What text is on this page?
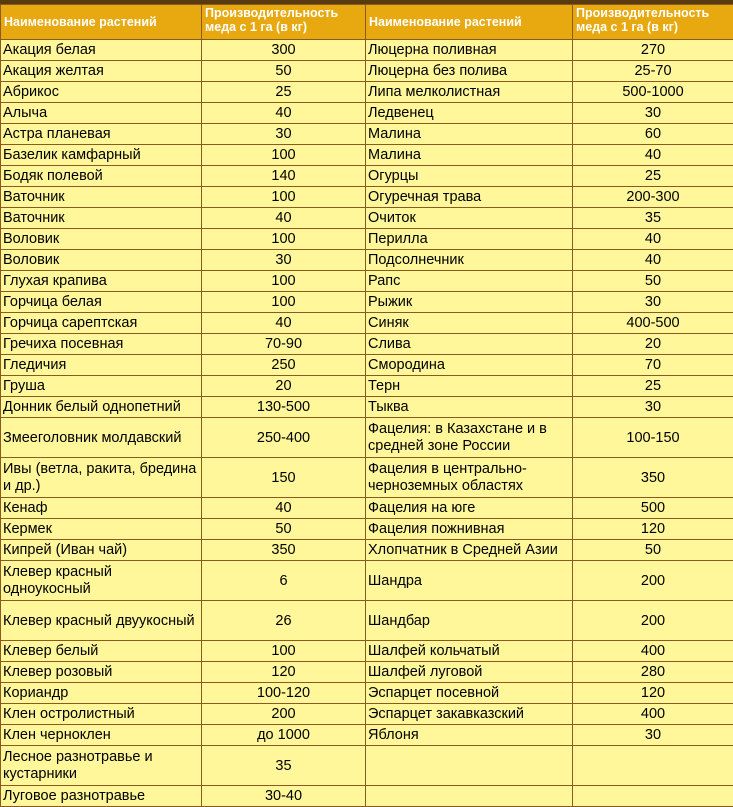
Наименование растений	Производительность меда с 1 га (в кг)	Наименование растений	Производительность меда с 1 га (в кг)
Акация белая	300	Люцерна поливная	270
Акация желтая	50	Люцерна без полива	25-70
Абрикос	25	Липа мелколистная	500-1000
Алыча	40	Ледвенец	30
Астра планевая	30	Малина	60
Базелик камфарный	100	Малина	40
Бодяк полевой	140	Огурцы	25
Ваточник	100	Огуречная трава	200-300
Ваточник	40	Очиток	35
Воловик	100	Перилла	40
Воловик	30	Подсолнечник	40
Глухая крапива	100	Рапс	50
Горчица белая	100	Рыжик	30
Горчица сарептская	40	Синяк	400-500
Гречиха посевная	70-90	Слива	20
Гледичия	250	Смородина	70
Груша	20	Терн	25
Донник белый однопетний	130-500	Тыква	30
Змееголовник молдавский	250-400	Фацелия: в Казахстане и в средней зоне России	100-150
Ивы (ветла, ракита, бредина и др.)	150	Фацелия в центрально-черноземных областях	350
Кенаф	40	Фацелия на юге	500
Кермек	50	Фацелия пожнивная	120
Кипрей (Иван чай)	350	Хлопчатник в Средней Азии	50
Клевер красный одноукосный	6	Шандра	200
Клевер красный двуукосный	26	Шандбар	200
Клевер белый	100	Шалфей кольчатый	400
Клевер розовый	120	Шалфей луговой	280
Кориандр	100-120	Эспарцет посевной	120
Клен остролистный	200	Эспарцет закавказский	400
Клен черноклен	до 1000	Яблоня	30
Лесное разнотравье и кустарники	35		
Луговое разнотравье	30-40		
